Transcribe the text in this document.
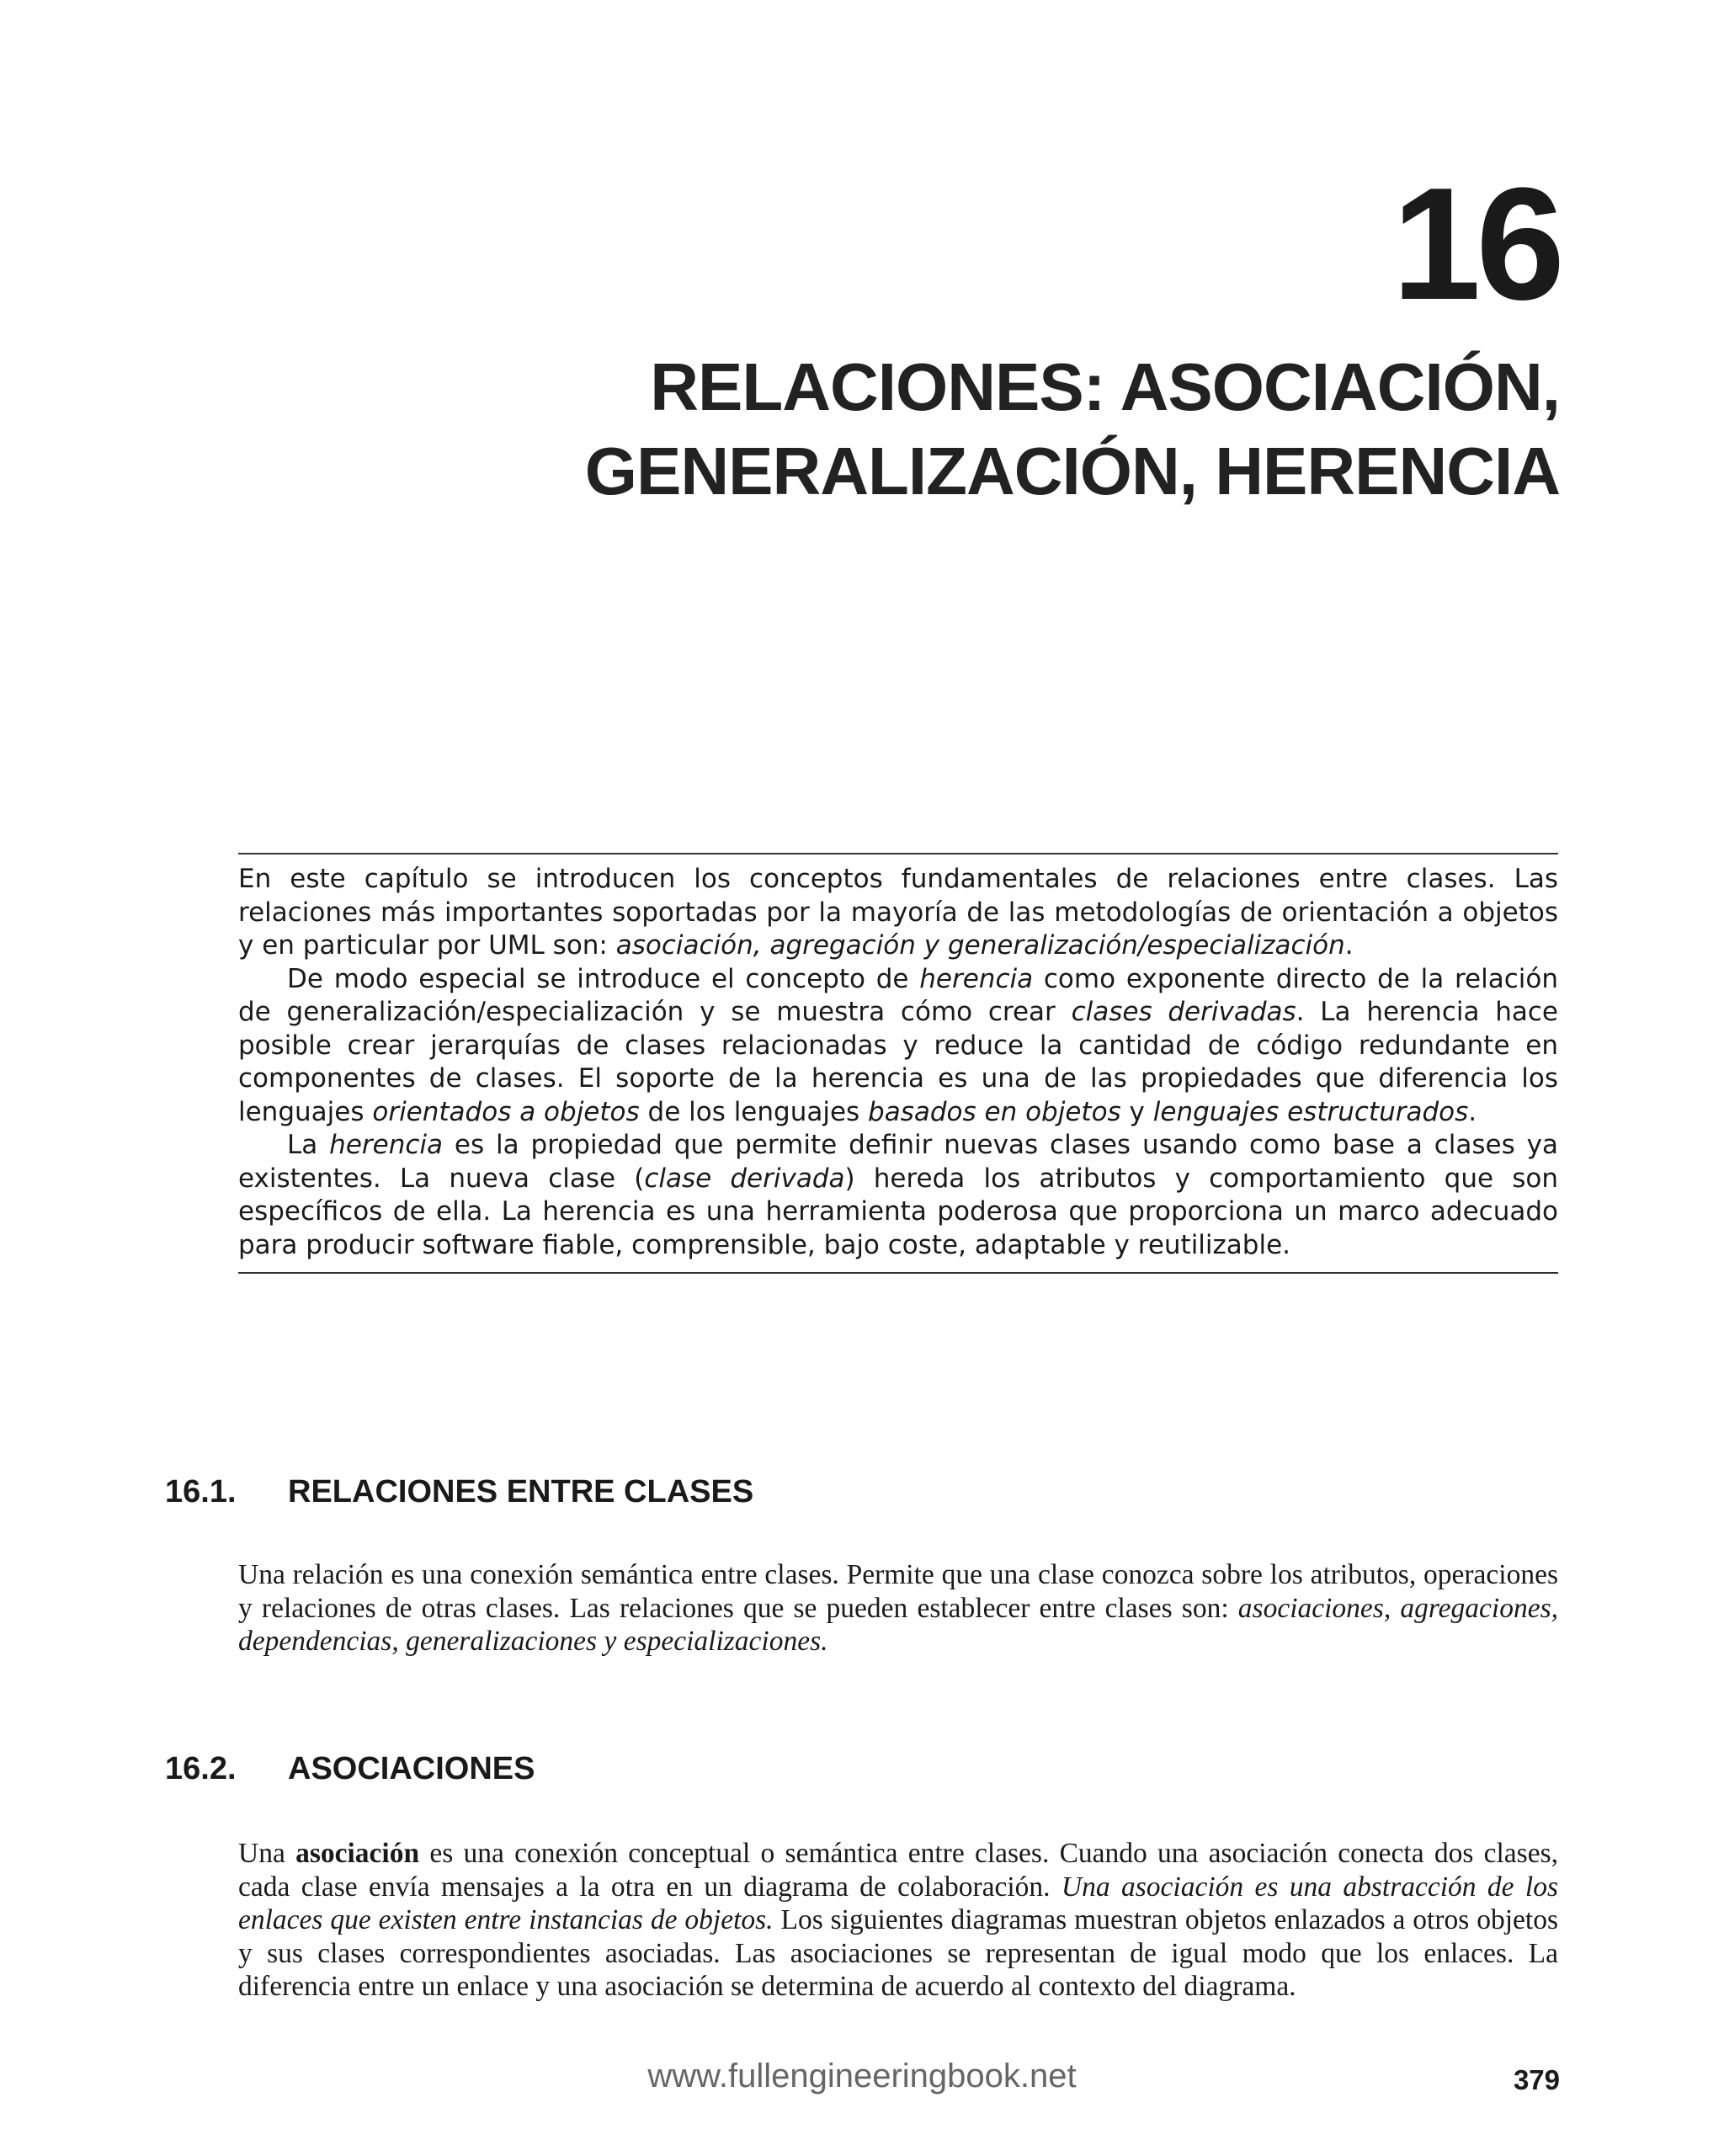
16
RELACIONES: ASOCIACIÓN,
GENERALIZACIÓN, HERENCIA

En este capítulo se introducen los conceptos fundamentales de relaciones entre clases. Las relaciones más importantes soportadas por la mayoría de las metodologías de orientación a objetos y en particular por UML son: asociación, agregación y generalización/especialización.

De modo especial se introduce el concepto de herencia como exponente directo de la relación de generalización/especialización y se muestra cómo crear clases derivadas. La herencia hace posible crear jerarquías de clases relacionadas y reduce la cantidad de código redundante en componentes de clases. El soporte de la herencia es una de las propiedades que diferencia los lenguajes orientados a objetos de los lenguajes basados en objetos y lenguajes estructurados.

La herencia es la propiedad que permite definir nuevas clases usando como base a clases ya existentes. La nueva clase (clase derivada) hereda los atributos y comportamiento que son específicos de ella. La herencia es una herramienta poderosa que proporciona un marco adecuado para producir software fiable, comprensible, bajo coste, adaptable y reutilizable.

16.1. RELACIONES ENTRE CLASES

Una relación es una conexión semántica entre clases. Permite que una clase conozca sobre los atributos, operaciones y relaciones de otras clases. Las relaciones que se pueden establecer entre clases son: asociaciones, agregaciones, dependencias, generalizaciones y especializaciones.

16.2. ASOCIACIONES

Una asociación es una conexión conceptual o semántica entre clases. Cuando una asociación conecta dos clases, cada clase envía mensajes a la otra en un diagrama de colaboración. Una asociación es una abstracción de los enlaces que existen entre instancias de objetos. Los siguientes diagramas muestran objetos enlazados a otros objetos y sus clases correspondientes asociadas. Las asociaciones se representan de igual modo que los enlaces. La diferencia entre un enlace y una asociación se determina de acuerdo al contexto del diagrama.

www.fullengineeringbook.net	379
